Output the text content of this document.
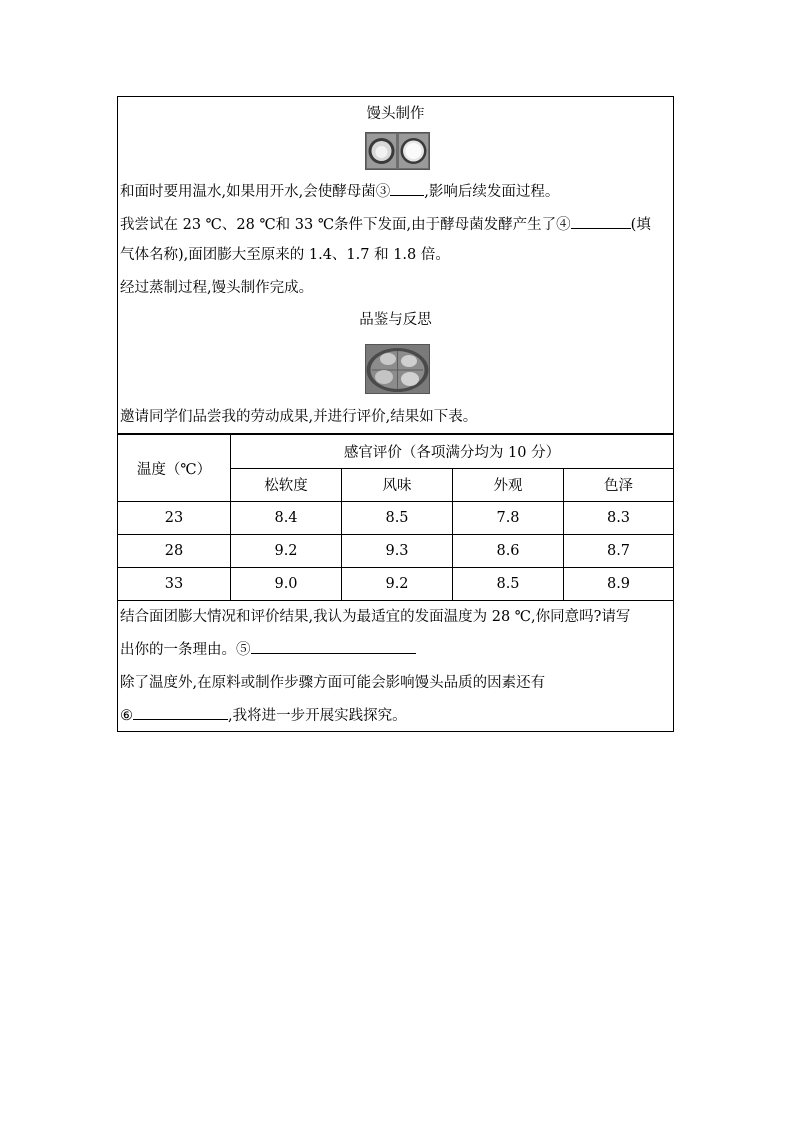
馒头制作
和面时要用温水,如果用开水,会使酵母菌③ ,影响后续发面过程。
我尝试在 23 ℃、28 ℃和 33 ℃条件下发面,由于酵母菌发酵产生了④	(填
气体名称),面团膨大至原来的 1.4、1.7 和 1.8 倍。
经过蒸制过程,馒头制作完成。
品鉴与反思
邀请同学们品尝我的劳动成果,并进行评价,结果如下表。
温度（℃）	感官评价（各项满分均为 10 分）			
	松软度	风味	外观	色泽
23	8.4	8.5	7.8	8.3
28	9.2	9.3	8.6	8.7
33	9.0	9.2	8.5	8.9
结合面团膨大情况和评价结果,我认为最适宜的发面温度为 28 ℃,你同意吗?请写
出你的一条理由。⑤
除了温度外,在原料或制作步骤方面可能会影响馒头品质的因素还有
⑥	,我将进一步开展实践探究。
